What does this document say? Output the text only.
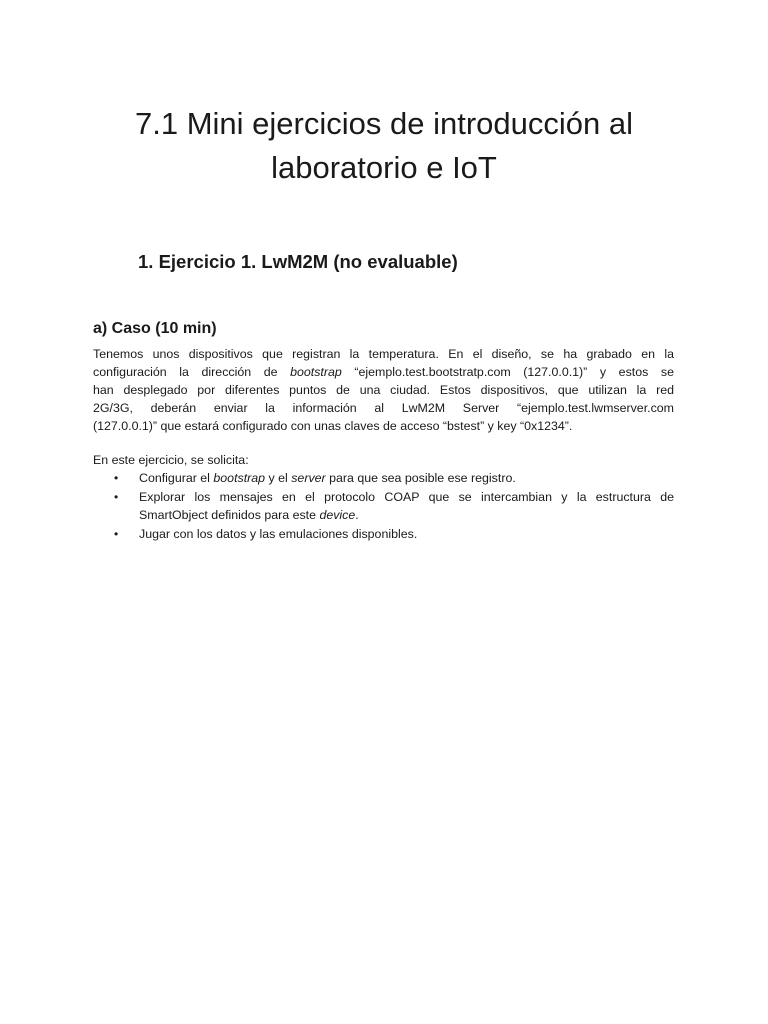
7.1 Mini ejercicios de introducción al
laboratorio e IoT
1. Ejercicio 1. LwM2M (no evaluable)
a) Caso (10 min)
Tenemos unos dispositivos que registran la temperatura. En el diseño, se ha grabado en la
configuración la dirección de bootstrap “ejemplo.test.bootstratp.com (127.0.0.1)” y estos se
han desplegado por diferentes puntos de una ciudad. Estos dispositivos, que utilizan la red
2G/3G, deberán enviar la información al LwM2M Server “ejemplo.test.lwmserver.com
(127.0.0.1)” que estará configurado con unas claves de acceso “bstest” y key “0x1234”.
En este ejercicio, se solicita:
• Configurar el bootstrap y el server para que sea posible ese registro.
• Explorar los mensajes en el protocolo COAP que se intercambian y la estructura de
SmartObject definidos para este device.
• Jugar con los datos y las emulaciones disponibles.
